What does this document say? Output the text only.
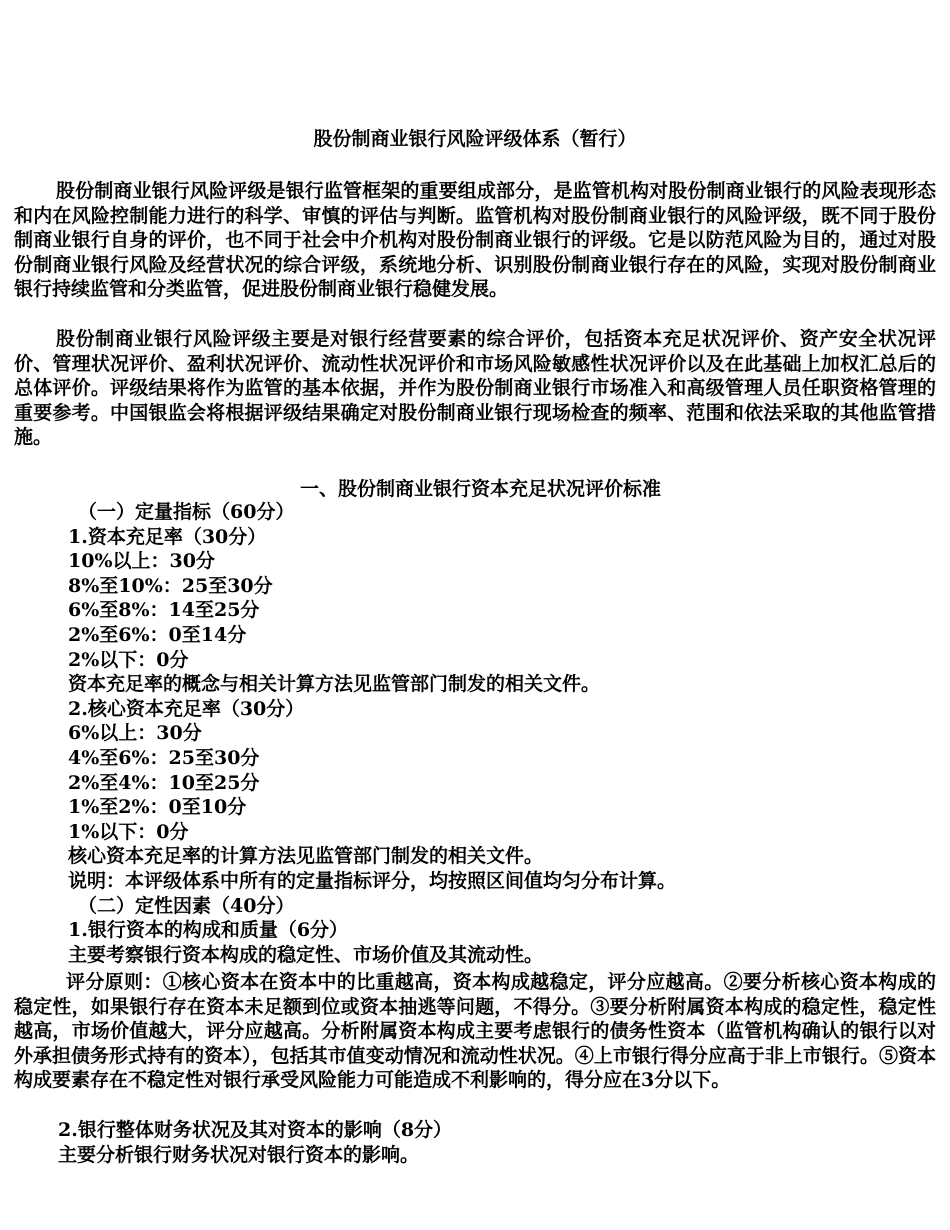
股份制商业银行风险评级体系（暂行）

股份制商业银行风险评级是银行监管框架的重要组成部分，是监管机构对股份制商业银行的风险表现形态和内在风险控制能力进行的科学、审慎的评估与判断。监管机构对股份制商业银行的风险评级，既不同于股份制商业银行自身的评价，也不同于社会中介机构对股份制商业银行的评级。它是以防范风险为目的，通过对股份制商业银行风险及经营状况的综合评级，系统地分析、识别股份制商业银行存在的风险，实现对股份制商业银行持续监管和分类监管，促进股份制商业银行稳健发展。

股份制商业银行风险评级主要是对银行经营要素的综合评价，包括资本充足状况评价、资产安全状况评价、管理状况评价、盈利状况评价、流动性状况评价和市场风险敏感性状况评价以及在此基础上加权汇总后的总体评价。评级结果将作为监管的基本依据，并作为股份制商业银行市场准入和高级管理人员任职资格管理的重要参考。中国银监会将根据评级结果确定对股份制商业银行现场检查的频率、范围和依法采取的其他监管措施。

一、股份制商业银行资本充足状况评价标准
（一）定量指标（60分）
1.资本充足率（30分）
10%以上：30分
8%至10%：25至30分
6%至8%：14至25分
2%至6%：0至14分
2%以下：0分
资本充足率的概念与相关计算方法见监管部门制发的相关文件。
2.核心资本充足率（30分）
6%以上：30分
4%至6%：25至30分
2%至4%：10至25分
1%至2%：0至10分
1%以下：0分
核心资本充足率的计算方法见监管部门制发的相关文件。
说明：本评级体系中所有的定量指标评分，均按照区间值均匀分布计算。
（二）定性因素（40分）
1.银行资本的构成和质量（6分）
主要考察银行资本构成的稳定性、市场价值及其流动性。

评分原则：①核心资本在资本中的比重越高，资本构成越稳定，评分应越高。②要分析核心资本构成的稳定性，如果银行存在资本未足额到位或资本抽逃等问题，不得分。③要分析附属资本构成的稳定性，稳定性越高，市场价值越大，评分应越高。分析附属资本构成主要考虑银行的债务性资本（监管机构确认的银行以对外承担债务形式持有的资本），包括其市值变动情况和流动性状况。④上市银行得分应高于非上市银行。⑤资本构成要素存在不稳定性对银行承受风险能力可能造成不利影响的，得分应在3分以下。

2.银行整体财务状况及其对资本的影响（8分）
主要分析银行财务状况对银行资本的影响。
